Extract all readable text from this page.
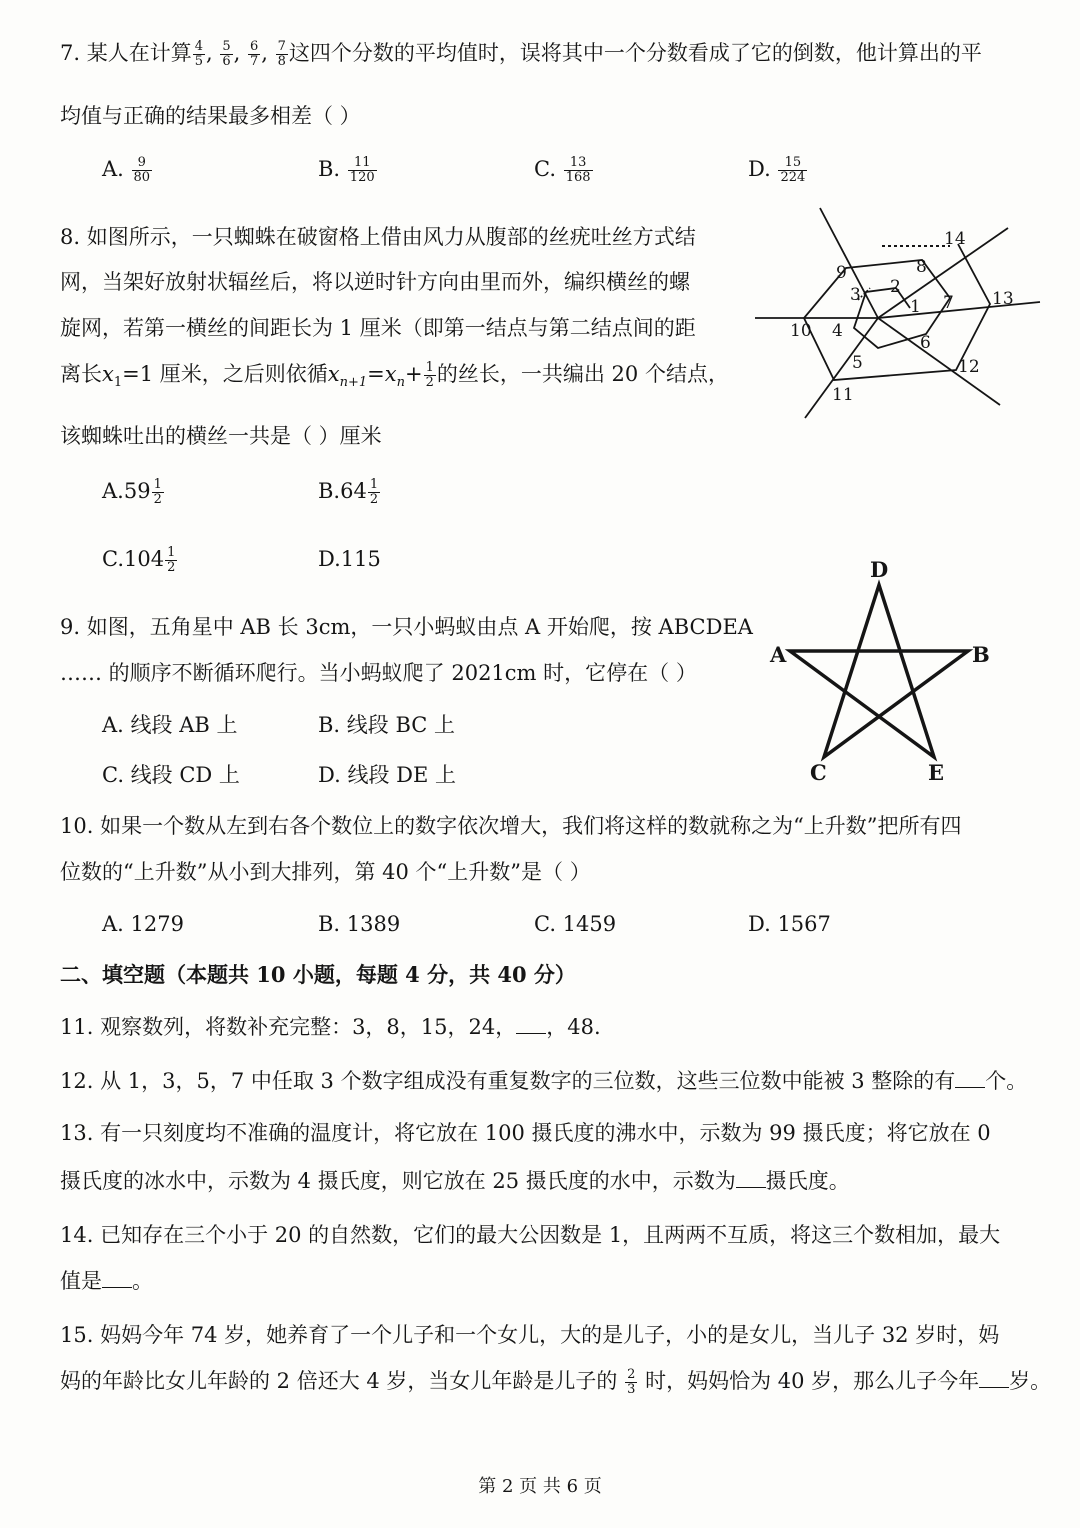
7. 某人在计算 $\frac{4}{5}$ , $\frac{5}{6}$ , $\frac{6}{7}$ , $\frac{7}{8}$ 这四个分数的平均值时，误将其中一个分数看成了它的倒数，他计算出的平
均值与正确的结果最多相差（ ）
A. $\frac{9}{80}$	B. $\frac{11}{120}$	C. $\frac{13}{168}$	D. $\frac{15}{224}$
8. 如图所示，一只蜘蛛在破窗格上借由风力从腹部的丝疣吐丝方式结
网，当架好放射状辐丝后，将以逆时针方向由里而外，编织横丝的螺
旋网，若第一横丝的间距长为 1 厘米（即第一结点与第二结点间的距
离长$x_1=1$ 厘米，之后则依循$x_{n+1}=x_n+ \frac{1}{2}$ 的丝长，一共编出 20 个结点，
该蜘蛛吐出的横丝一共是（ ）厘米
$A.59 \frac{1}{2}$	$B.64 \frac{1}{2}$
$C.104 \frac{1}{2}$	D.115
1
2
3
4
5
6
7
8
9
10
11
12
13
14
9. 如图，五角星中 AB 长 3cm，一只小蚂蚁由点 A 开始爬，按 ABCDEA
…… 的顺序不断循环爬行。当小蚂蚁爬了 2021cm 时，它停在（ ）
A. 线段 AB 上	B. 线段 BC 上
C. 线段 CD 上	D. 线段 DE 上
D
A	B
C	E
10. 如果一个数从左到右各个数位上的数字依次增大，我们将这样的数就称之为“上升数”把所有四
位数的“上升数”从小到大排列，第 40 个“上升数”是（ ）
A. 1279	B. 1389	C. 1459	D. 1567
二、填空题（本题共 10 小题，每题 4 分，共 40 分）
11. 观察数列，将数补充完整：3，8，15，24， ，48.
12. 从 1，3，5，7 中任取 3 个数字组成没有重复数字的三位数，这些三位数中能被 3 整除的有 个。
13. 有一只刻度均不准确的温度计，将它放在 100 摄氏度的沸水中，示数为 99 摄氏度；将它放在 0
摄氏度的冰水中，示数为 4 摄氏度，则它放在 25 摄氏度的水中，示数为 摄氏度。
14. 已知存在三个小于 20 的自然数，它们的最大公因数是 1，且两两不互质，将这三个数相加，最大
值是 。
15. 妈妈今年 74 岁，她养育了一个儿子和一个女儿，大的是儿子，小的是女儿，当儿子 32 岁时，妈
妈的年龄比女儿年龄的 2 倍还大 4 岁，当女儿年龄是儿子的 $\frac{2}{3}$ 时，妈妈恰为 40 岁，那么儿子今年 岁。
第 2 页 共 6 页
